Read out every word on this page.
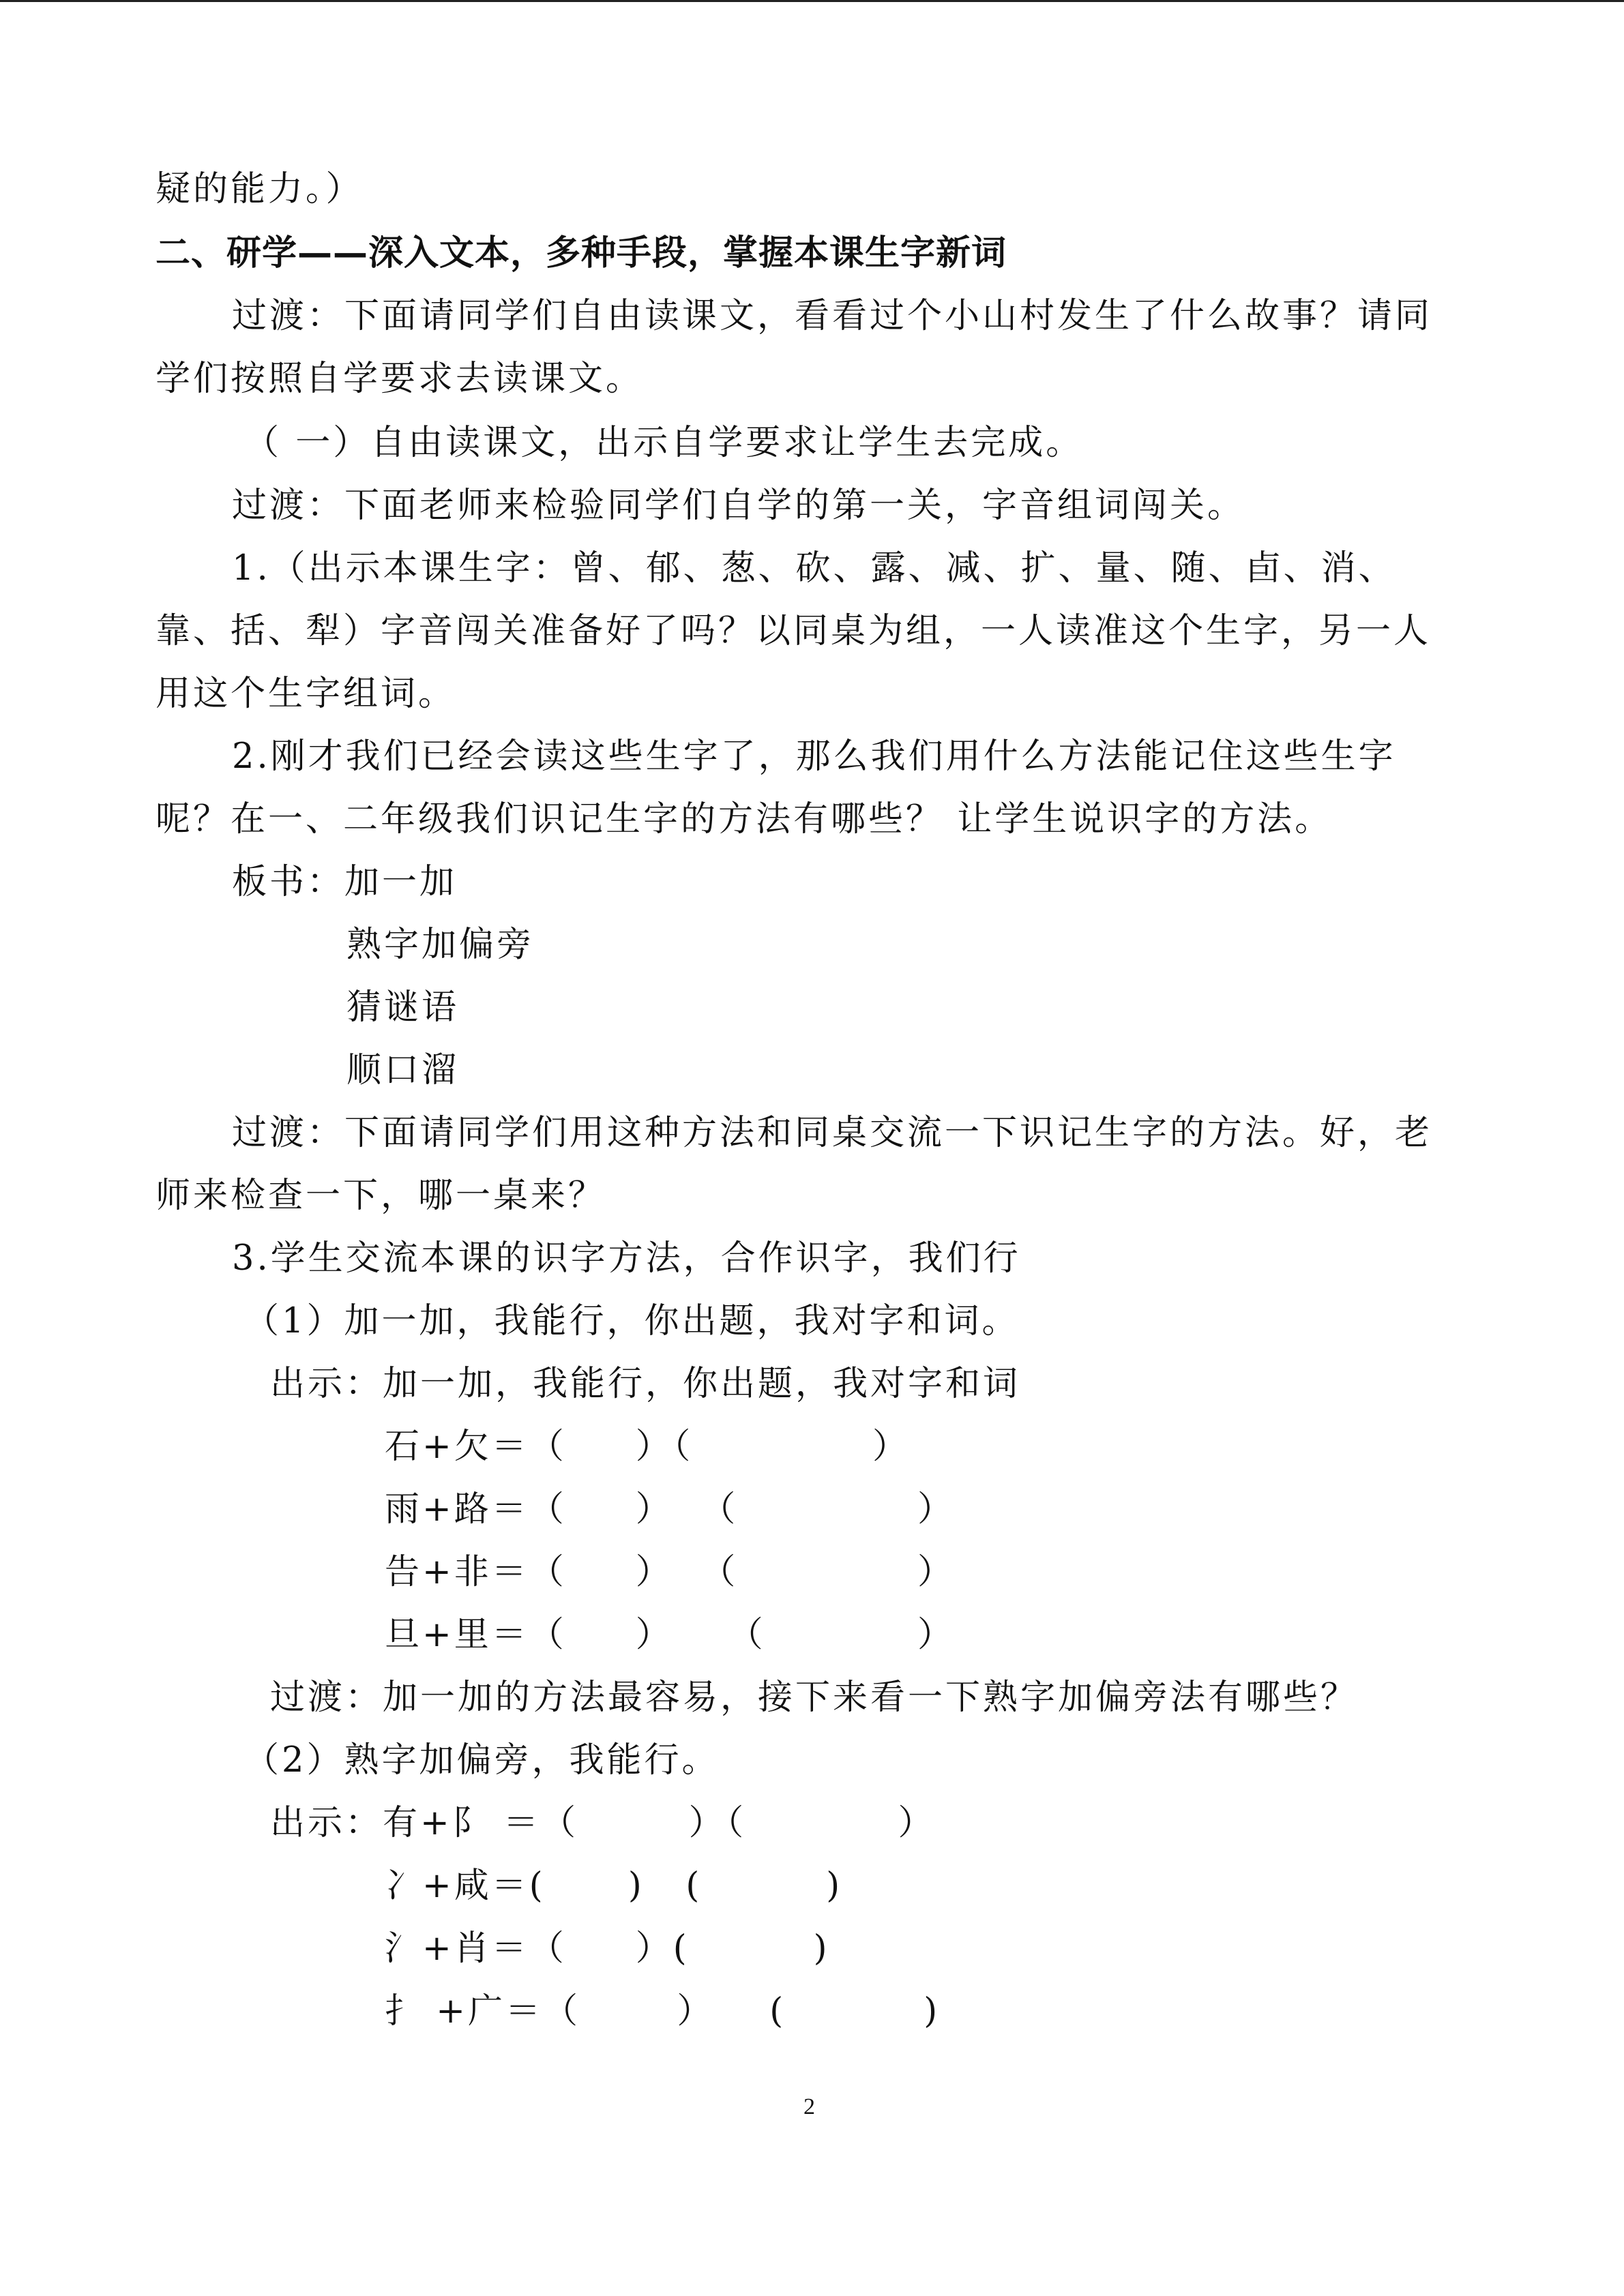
疑的能力。）
二、研学——深入文本，多种手段，掌握本课生字新词
过渡：下面请同学们自由读课文，看看过个小山村发生了什么故事？请同
学们按照自学要求去读课文。
（ 一）自由读课文，出示自学要求让学生去完成。
过渡：下面老师来检验同学们自学的第一关，字音组词闯关。
1.（出示本课生字：曾、郁、葱、砍、露、减、扩、量、随、卣、消、
靠、括、犁）字音闯关准备好了吗？以同桌为组，一人读准这个生字，另一人
用这个生字组词。
2.刚才我们已经会读这些生字了，那么我们用什么方法能记住这些生字
呢？在一、二年级我们识记生字的方法有哪些？ 让学生说识字的方法。
板书：加一加
熟字加偏旁
猜谜语
顺口溜
过渡：下面请同学们用这种方法和同桌交流一下识记生字的方法。好，老
师来检查一下，哪一桌来？
3.学生交流本课的识字方法，合作识字，我们行
（1）加一加，我能行，你出题，我对字和词。
出示：加一加，我能行，你出题，我对字和词
石+欠＝（     ）（             ）
雨+路＝（     ）  （             ）
告+非＝（     ）  （             ）
旦+里＝（     ）    （           ）
过渡：加一加的方法最容易，接下来看一下熟字加偏旁法有哪些？
（2）熟字加偏旁，我能行。
出示：有+阝 ＝（        ）（           ）
冫+咸＝(      )   (         )
氵+肖＝（     ）(         )
扌 +广＝（       ）    (          )
2
